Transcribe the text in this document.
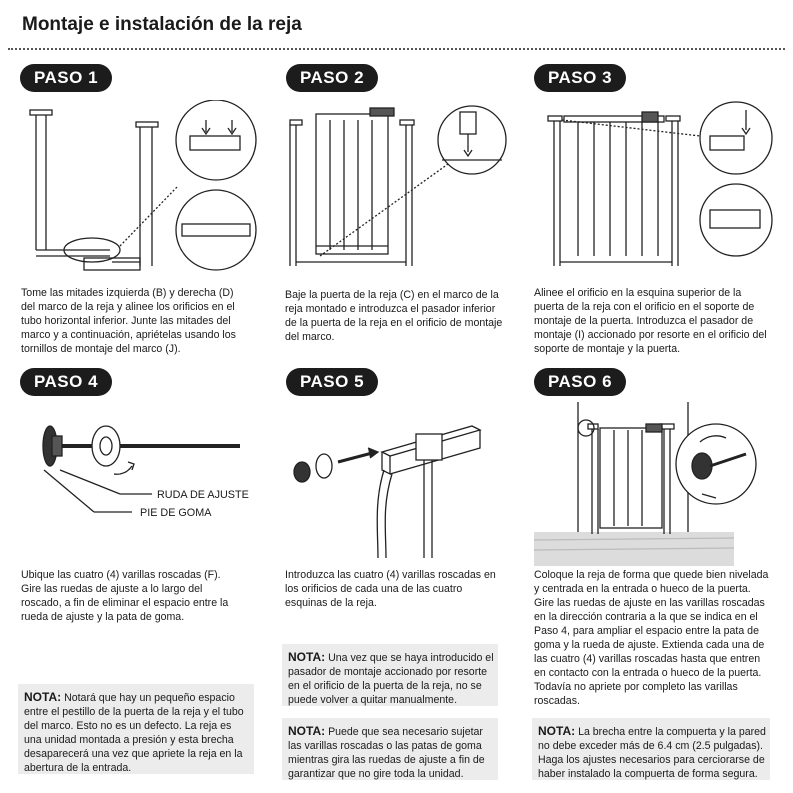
Montaje e instalación de la reja
PASO 1	PASO 2	PASO 3
PASO 4	PASO 5	PASO 6

Tome las mitades izquierda (B) y derecha (D) del marco de la reja y alinee los orificios en el tubo horizontal inferior. Junte las mitades del marco y a continuación, apriételas usando los tornillos de montaje del marco (J).

Baje la puerta de la reja (C) en el marco de la reja montado e introduzca el pasador inferior de la puerta de la reja en el orificio de montaje del marco.

Alinee el orificio en la esquina superior de la puerta de la reja con el orificio en el soporte de montaje de la puerta. Introduzca el pasador de montaje (I) accionado por resorte en el orificio del soporte de montaje y la puerta.

RUDA DE AJUSTE
PIE DE GOMA

Ubique las cuatro (4) varillas roscadas (F). Gire las ruedas de ajuste a lo largo del roscado, a fin de eliminar el espacio entre la rueda de ajuste y la pata de goma.

Introduzca las cuatro (4) varillas roscadas en los orificios de cada una de las cuatro esquinas de la reja.

Coloque la reja de forma que quede bien nivelada y centrada en la entrada o hueco de la puerta. Gire las ruedas de ajuste en las varillas roscadas en la dirección contraria a la que se indica en el Paso 4, para ampliar el espacio entre la pata de goma y la rueda de ajuste. Extienda cada una de las cuatro (4) varillas roscadas hasta que entren en contacto con la entrada o hueco de la puerta. Todavía no apriete por completo las varillas roscadas.

NOTA: Notará que hay un pequeño espacio entre el pestillo de la puerta de la reja y el tubo del marco. Esto no es un defecto. La reja es una unidad montada a presión y esta brecha desaparecerá una vez que apriete la reja en la abertura de la entrada.
NOTA: Una vez que se haya introducido el pasador de montaje accionado por resorte en el orificio de la puerta de la reja, no se puede volver a quitar manualmente.
NOTA: Puede que sea necesario sujetar las varillas roscadas o las patas de goma mientras gira las ruedas de ajuste a fin de garantizar que no gire toda la unidad.
NOTA: La brecha entre la compuerta y la pared no debe exceder más de 6.4 cm (2.5 pulgadas). Haga los ajustes necesarios para cerciorarse de haber instalado la compuerta de forma segura.
